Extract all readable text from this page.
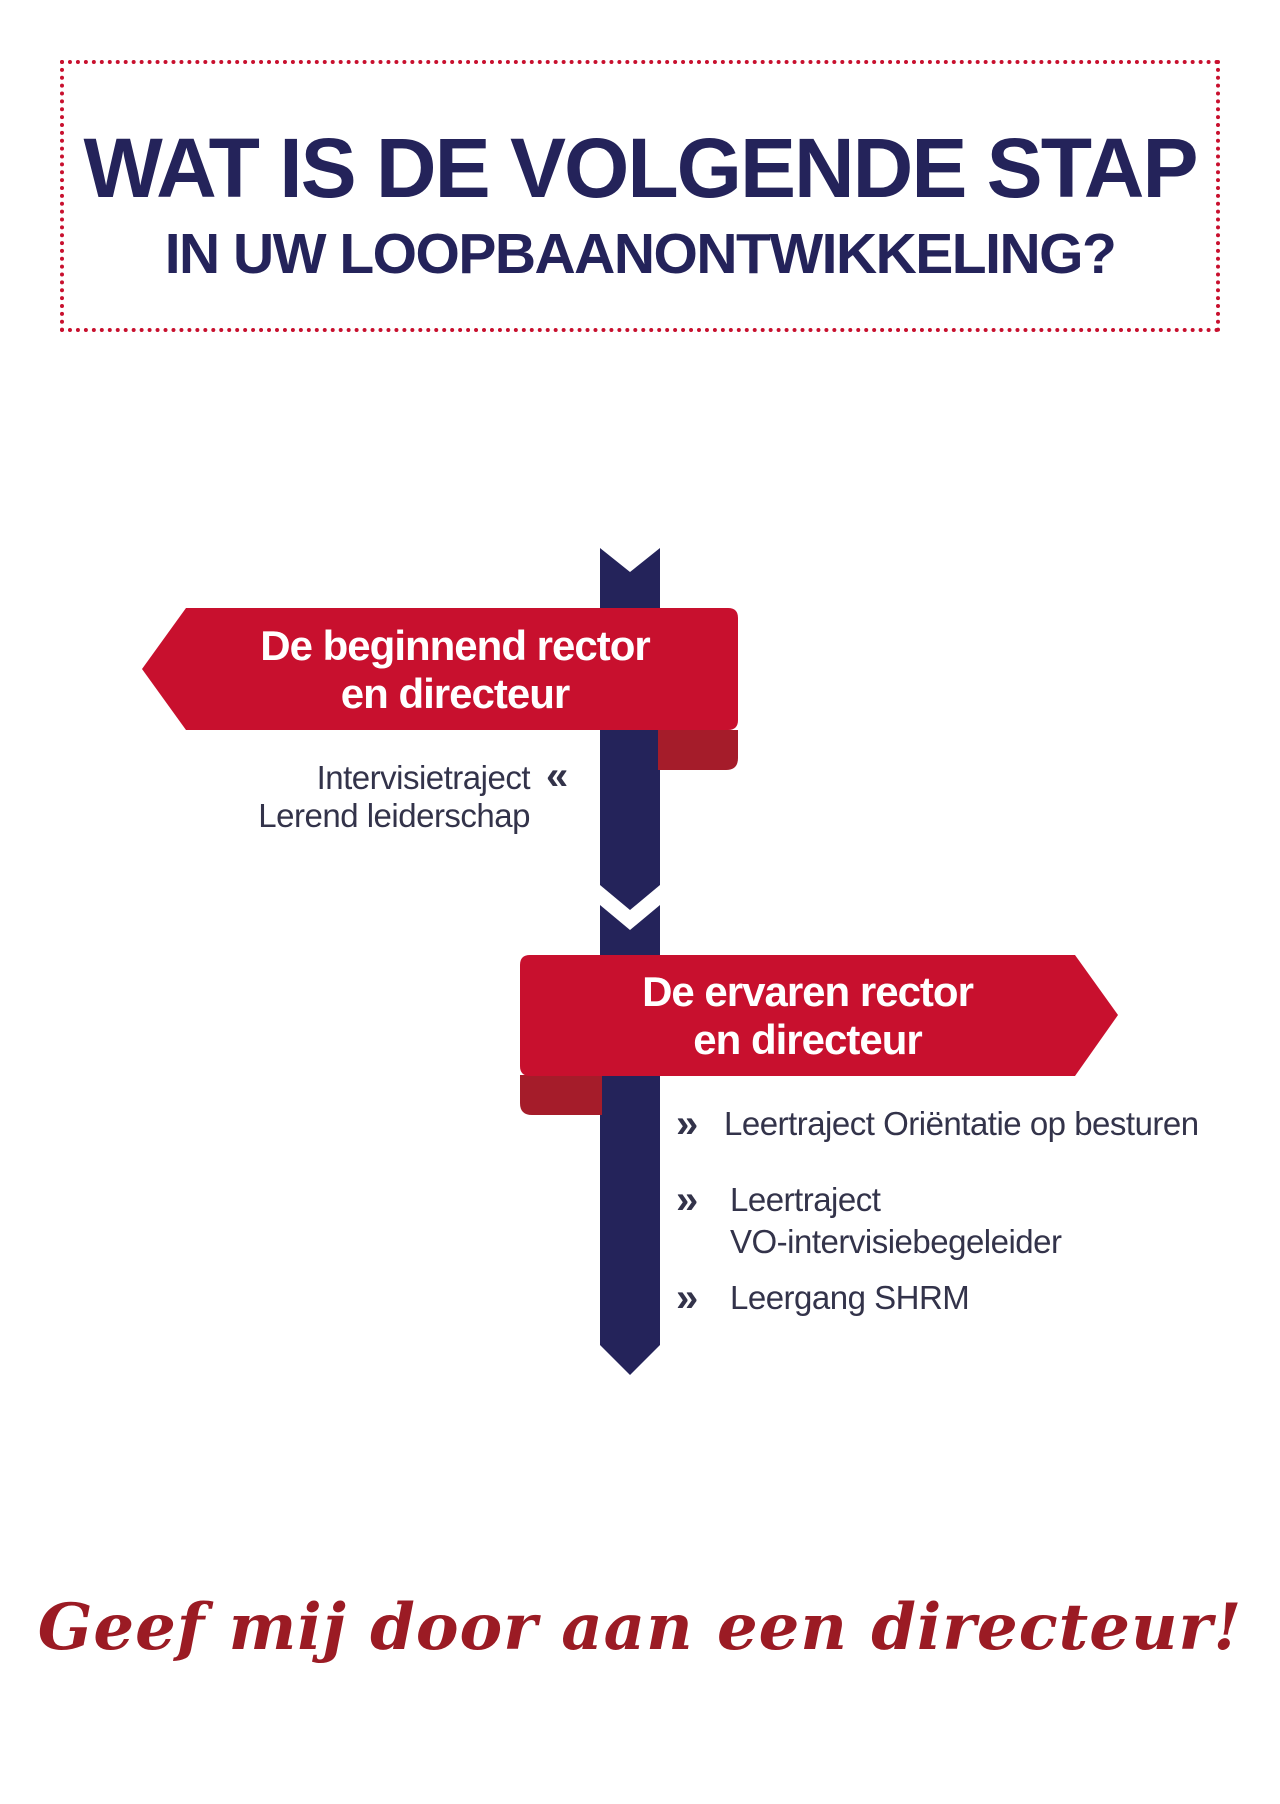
WAT IS DE VOLGENDE STAP
IN UW LOOPBAANONTWIKKELING?
De beginnend rector
en directeur
De ervaren rector
en directeur
Intervisietraject «
Lerend leiderschap
» Leertraject Oriëntatie op besturen
» Leertraject
VO-intervisiebegeleider
» Leergang SHRM
Geef mij door aan een directeur!
